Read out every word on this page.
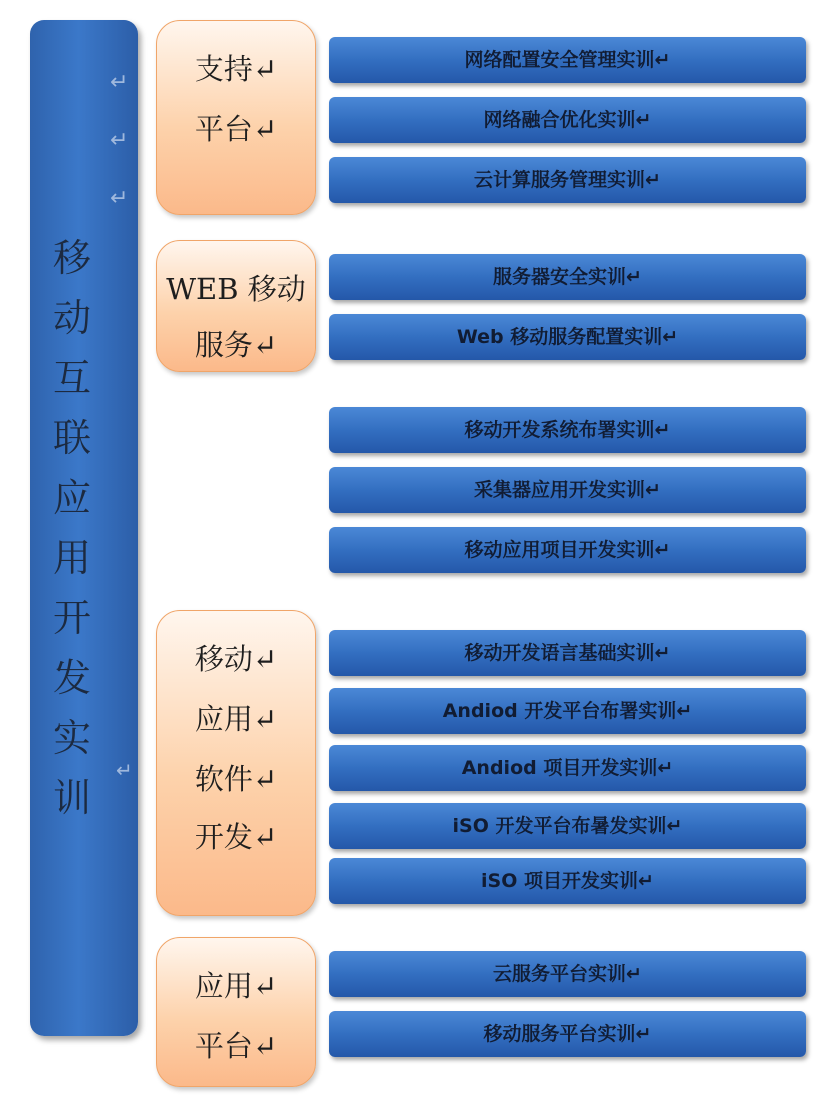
↵
↵
↵
移
动
互
联
应
用
开
发
实
训
↵
支持↵
平台↵
WEB 移动
服务↵
移动↵
应用↵
软件↵
开发↵
应用↵
平台↵
网络配置安全管理实训↵
网络融合优化实训↵
云计算服务管理实训↵
服务器安全实训↵
Web 移动服务配置实训↵
移动开发系统布署实训↵
采集器应用开发实训↵
移动应用项目开发实训↵
移动开发语言基础实训↵
Andiod 开发平台布署实训↵
Andiod 项目开发实训↵
iSO 开发平台布暑发实训↵
iSO 项目开发实训↵
云服务平台实训↵
移动服务平台实训↵
